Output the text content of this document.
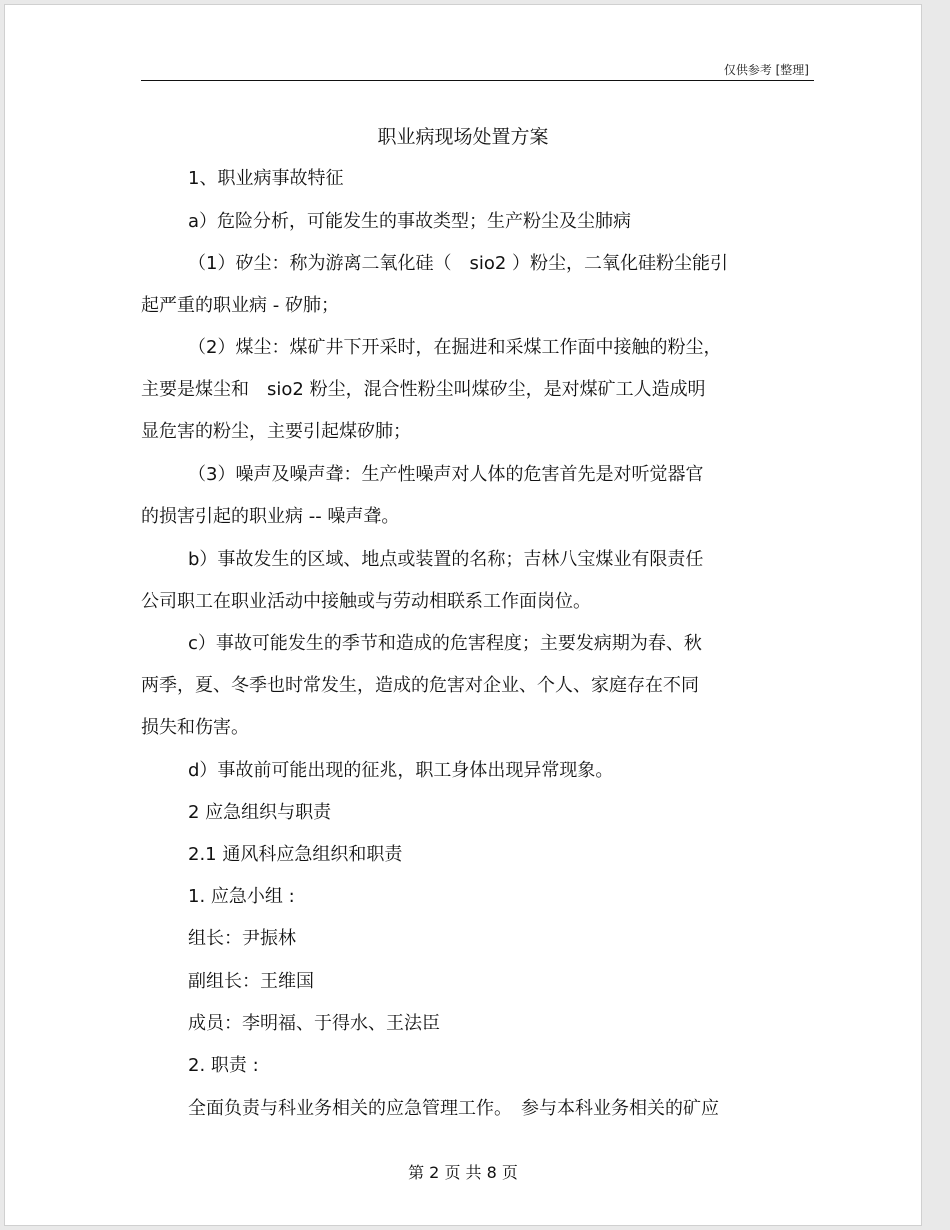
仅供参考 [整理]
职业病现场处置方案
1、职业病事故特征
a）危险分析，可能发生的事故类型；生产粉尘及尘肺病
（1）矽尘：称为游离二氧化硅（　sio2 ）粉尘，二氧化硅粉尘能引
起严重的职业病 - 矽肺；
（2）煤尘：煤矿井下开采时，在掘进和采煤工作面中接触的粉尘，
主要是煤尘和　sio2 粉尘，混合性粉尘叫煤矽尘，是对煤矿工人造成明
显危害的粉尘，主要引起煤矽肺；
（3）噪声及噪声聋：生产性噪声对人体的危害首先是对听觉器官
的损害引起的职业病 -- 噪声聋。
b）事故发生的区域、地点或装置的名称；吉林八宝煤业有限责任
公司职工在职业活动中接触或与劳动相联系工作面岗位。
c）事故可能发生的季节和造成的危害程度；主要发病期为春、秋
两季，夏、冬季也时常发生，造成的危害对企业、个人、家庭存在不同
损失和伤害。
d）事故前可能出现的征兆，职工身体出现异常现象。
2 应急组织与职责
2.1 通风科应急组织和职责
1. 应急小组 :
组长：尹振林
副组长：王维国
成员：李明福、于得水、王法臣
2. 职责 :
全面负责与科业务相关的应急管理工作。　参与本科业务相关的矿应
第 2 页 共 8 页
